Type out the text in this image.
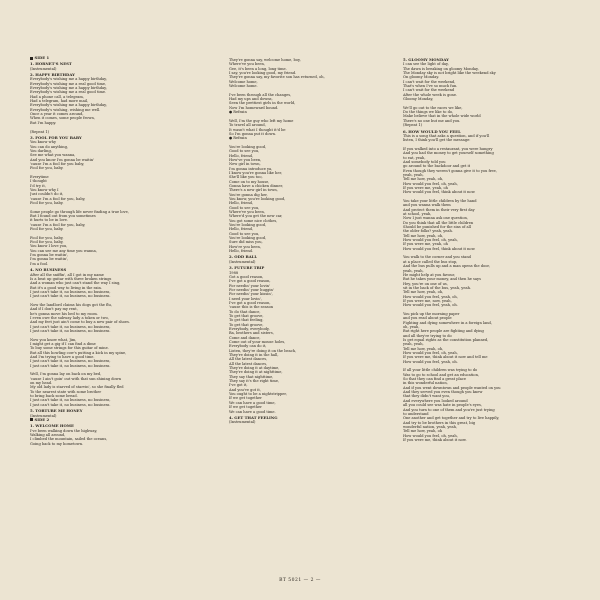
SIDE 1
1. HORNET'S NEST
(Instrumental)
2. HAPPY BIRTHDAY
Everybody's wishing me a happy birthday,
Everybody's wishing me a real good time,
Everybody's wishing me a happy birthday,
Everybody's wishing me a real good time.
Had a phone call, a telegram,
Had a telegram, had more mail,
Everybody's wishing me a happy birthday,
Everybody's wishing, wishing me well.
Once a year it comes around,
When it comes, some people frown,
But I'm happy.

(Repeat 1)
3. FOOL FOR YOU BABY
You know why
You can do anything,
You darling,
See me what you wanna,
And you know I'm gonna be waitin'
'cause I'm a fool for you baby,
Fool for you, baby.

Everytime
I thought
I'd try it,
You know why I
Just couldn't do it,
'cause I'm a fool for you, baby,
Fool for you, baby.

Some people go through life never finding a true love,
But I found out from you sometimes
it hurts to be in love.
'cause I'm a fool for you, baby,
Fool for you, baby.

Fool for you, baby,
Fool for you, baby,
You know I love you,
You can see me any time you wanna,
I'm gonna be waitin',
I'm gonna be waitin',
I'm a fool.
4. NO BUSINESS
After all the sniffin', all I got in my name
Is a beat up guitar with three broken strings
And a woman who just can't stand the way I sing,
But it's a good way to living in the rain.
I just can't take it, no business, no business,
I just can't take it, no business, no business.

Now the landlord claims his dogs got the flu,
And if I don't pay my rent,
he's gonna move his bed to my room.
I even owe the subway lady a token or two,
And my feet just ain't come to buy a new pair of shoes.
I just can't take it, no business, no business,
I just can't take it, no business, no business.

Now you know what, Jim,
I might get a gig if I can find a dime
To buy some strings for this guitar of mine.
But all this howling cow's putting a kick in my spine,
And I'm trying to have a good time.
I just can't take it, no business, no business,
I just can't take it, no business, no business.

Well, I'm gonna lay on back on my bed,
'cause I ain't goin' out with that sun shining down
on my head.
My old lady is starved of starvin', so she finally fled
To the nearest state with some brother
to bring back some bread.
I just can't take it, no business, no business,
I just can't take it, no business, no business.
5. TORTURE ME HONEY
(Instrumental)
SIDE 2
1. WELCOME HOME
I've been walking down the highway,
Walking all around,
I climbed the mountain, sailed the oceans,
Going back to my hometown.
They're gonna say, welcome home, boy,
Where've you been,
Gee, it's been a long, long time.
I say, you're looking good, my friend.
They're gonna say, my favorite son has returned, oh,
Welcome home,
Welcome home.

I've been through all the changes,
Had my ups and downs,
Seen the prettiest girls in the world,
Now I'm homeward bound.
● Refrain

Well, I'm the guy who left my home
To travel all around,
It wasn't what I thought it'd be
So I'm gonna put it down.
● Refrain

You're looking good,
Good to see you,
Hello, friend,
How've you been,
New girl in town,
I'm gonna introduce ya,
I know you're gonna like her,
She'll like you too,
Come on to my house,
Gonna have a chicken dinner,
There's a new girl in town,
You're gonna dig her,
You know, you're looking good,
Hello, friend,
Good to see you,
Where've you been,
Where'd you get the new car,
You got some nice clothes,
You're looking good,
Hello, friend,
Good to see you,
You're looking good,
Sure did miss you,
How're you been,
Hello, friend.
2. ODD BALL
(Instrumental)
3. FUTURE TRIP
1988
Got a good reason,
I've got a good reason,
For needin' your lovin'
For needin' your huggin'
For needin' your kissin',
I need your lovin',
I've got a good reason,
'cause this is the season
To do that dance,
To get that groove,
To get that feeling,
To get that groove,
Everybody, everybody,
Ba, brothers and sisters,
Come and dance,
Come out of your mouse holes,
Everybody can do it,
Listen, they're doing it on the beach,
They're doing it in the hall,
All the latest dances,
All the latest dances,
They're doing it at daytime,
They're doing it at nighttime,
They say that nighttime,
They say it's the right time,
I've got it,
And you've got it,
You ought to be a nightstripper,
If we get together
We can have a good time,
If we get together
We can have a good time.
4. GET THAT FEELING
(Instrumental)
5. GLOOMY MONDAY
I can see the light of day,
The dawn is breaking on gloomy Monday,
The Monday sky is not bright like the weekend sky
On gloomy Monday.
I can't wait for the weekend,
That's when I've so much fun.
I can't wait for the weekend
After the whole week is gone.
Gloomy Monday,

We'll go out to the races we like,
Do the things we like to do,
Make believe that in the whole wide world
There's no one but me and you.
(Repeat 1)
6. HOW WOULD YOU FEEL
This is a song that asks a question, and if you'll
listen, I think you'll get the message:

If you walked into a restaurant, you were hungry
And you had the money to get yourself something
to eat, yeah,
And somebody told you
go around to the backdoor and get it
Even though they weren't gonna give it to you free,
yeah, yeah,
Tell me how, yeah, oh,
How would you feel, oh, yeah,
If you were me, yeah, oh
How would you feel, think about it now.

You take your little children by the hand
and you wanna walk them
And protect them in their very first day
at school, yeah,
Now I just wanna ask one question,
Do you think that all the little children
Should be punished for the sins of all
the older folks? yeah, yeah.
Tell me how, yeah, oh,
How would you feel, oh, yeah,
If you were me, yeah, oh
How would you feel, think about it now.

You walk to the corner and you stand
at a place called the bus stop,
And the bus pulls up and a man opens the door,
yeah, yeah,
He might help at you favour,
But he takes your money, and then he says
Hey, you're on one of us,
sit in the back of the bus, yeah, yeah.
Tell me how, yeah, oh,
How would you feel, yeah, oh,
If you were me, now, yeah,
How would you feel, yeah, oh.

You pick up the morning paper
and you read about people
Fighting and dying somewhere in a foreign land,
oh, yeah,
But right here people are fighting and dying
and all they're trying to do
Is get equal rights as the constitution planned,
yeah, yeah,
Tell me how, yeah, oh,
How would you feel, oh, yeah,
If you were me, think about it now and tell me
How would you feel, yeah, oh.

If all your little children was trying to do
Was to go to school and get an education,
So that they can find a great place
in this wonderful nation,
And if you went downtown and people wanted on you
And they served you even though you knew
that they didn't want you,
And everywhere you looked around
all you could see was hate in people's eyes,
And you turn to one of them and you're just trying
to understand
One another and get together and try to live happily,
And try to be brothers in this great, big
wonderful nation, yeah, yeah,
Tell me how, yeah, oh
How would you feel, oh, yeah,
If you were me, think about it now.
BT 5021 — 2 —
